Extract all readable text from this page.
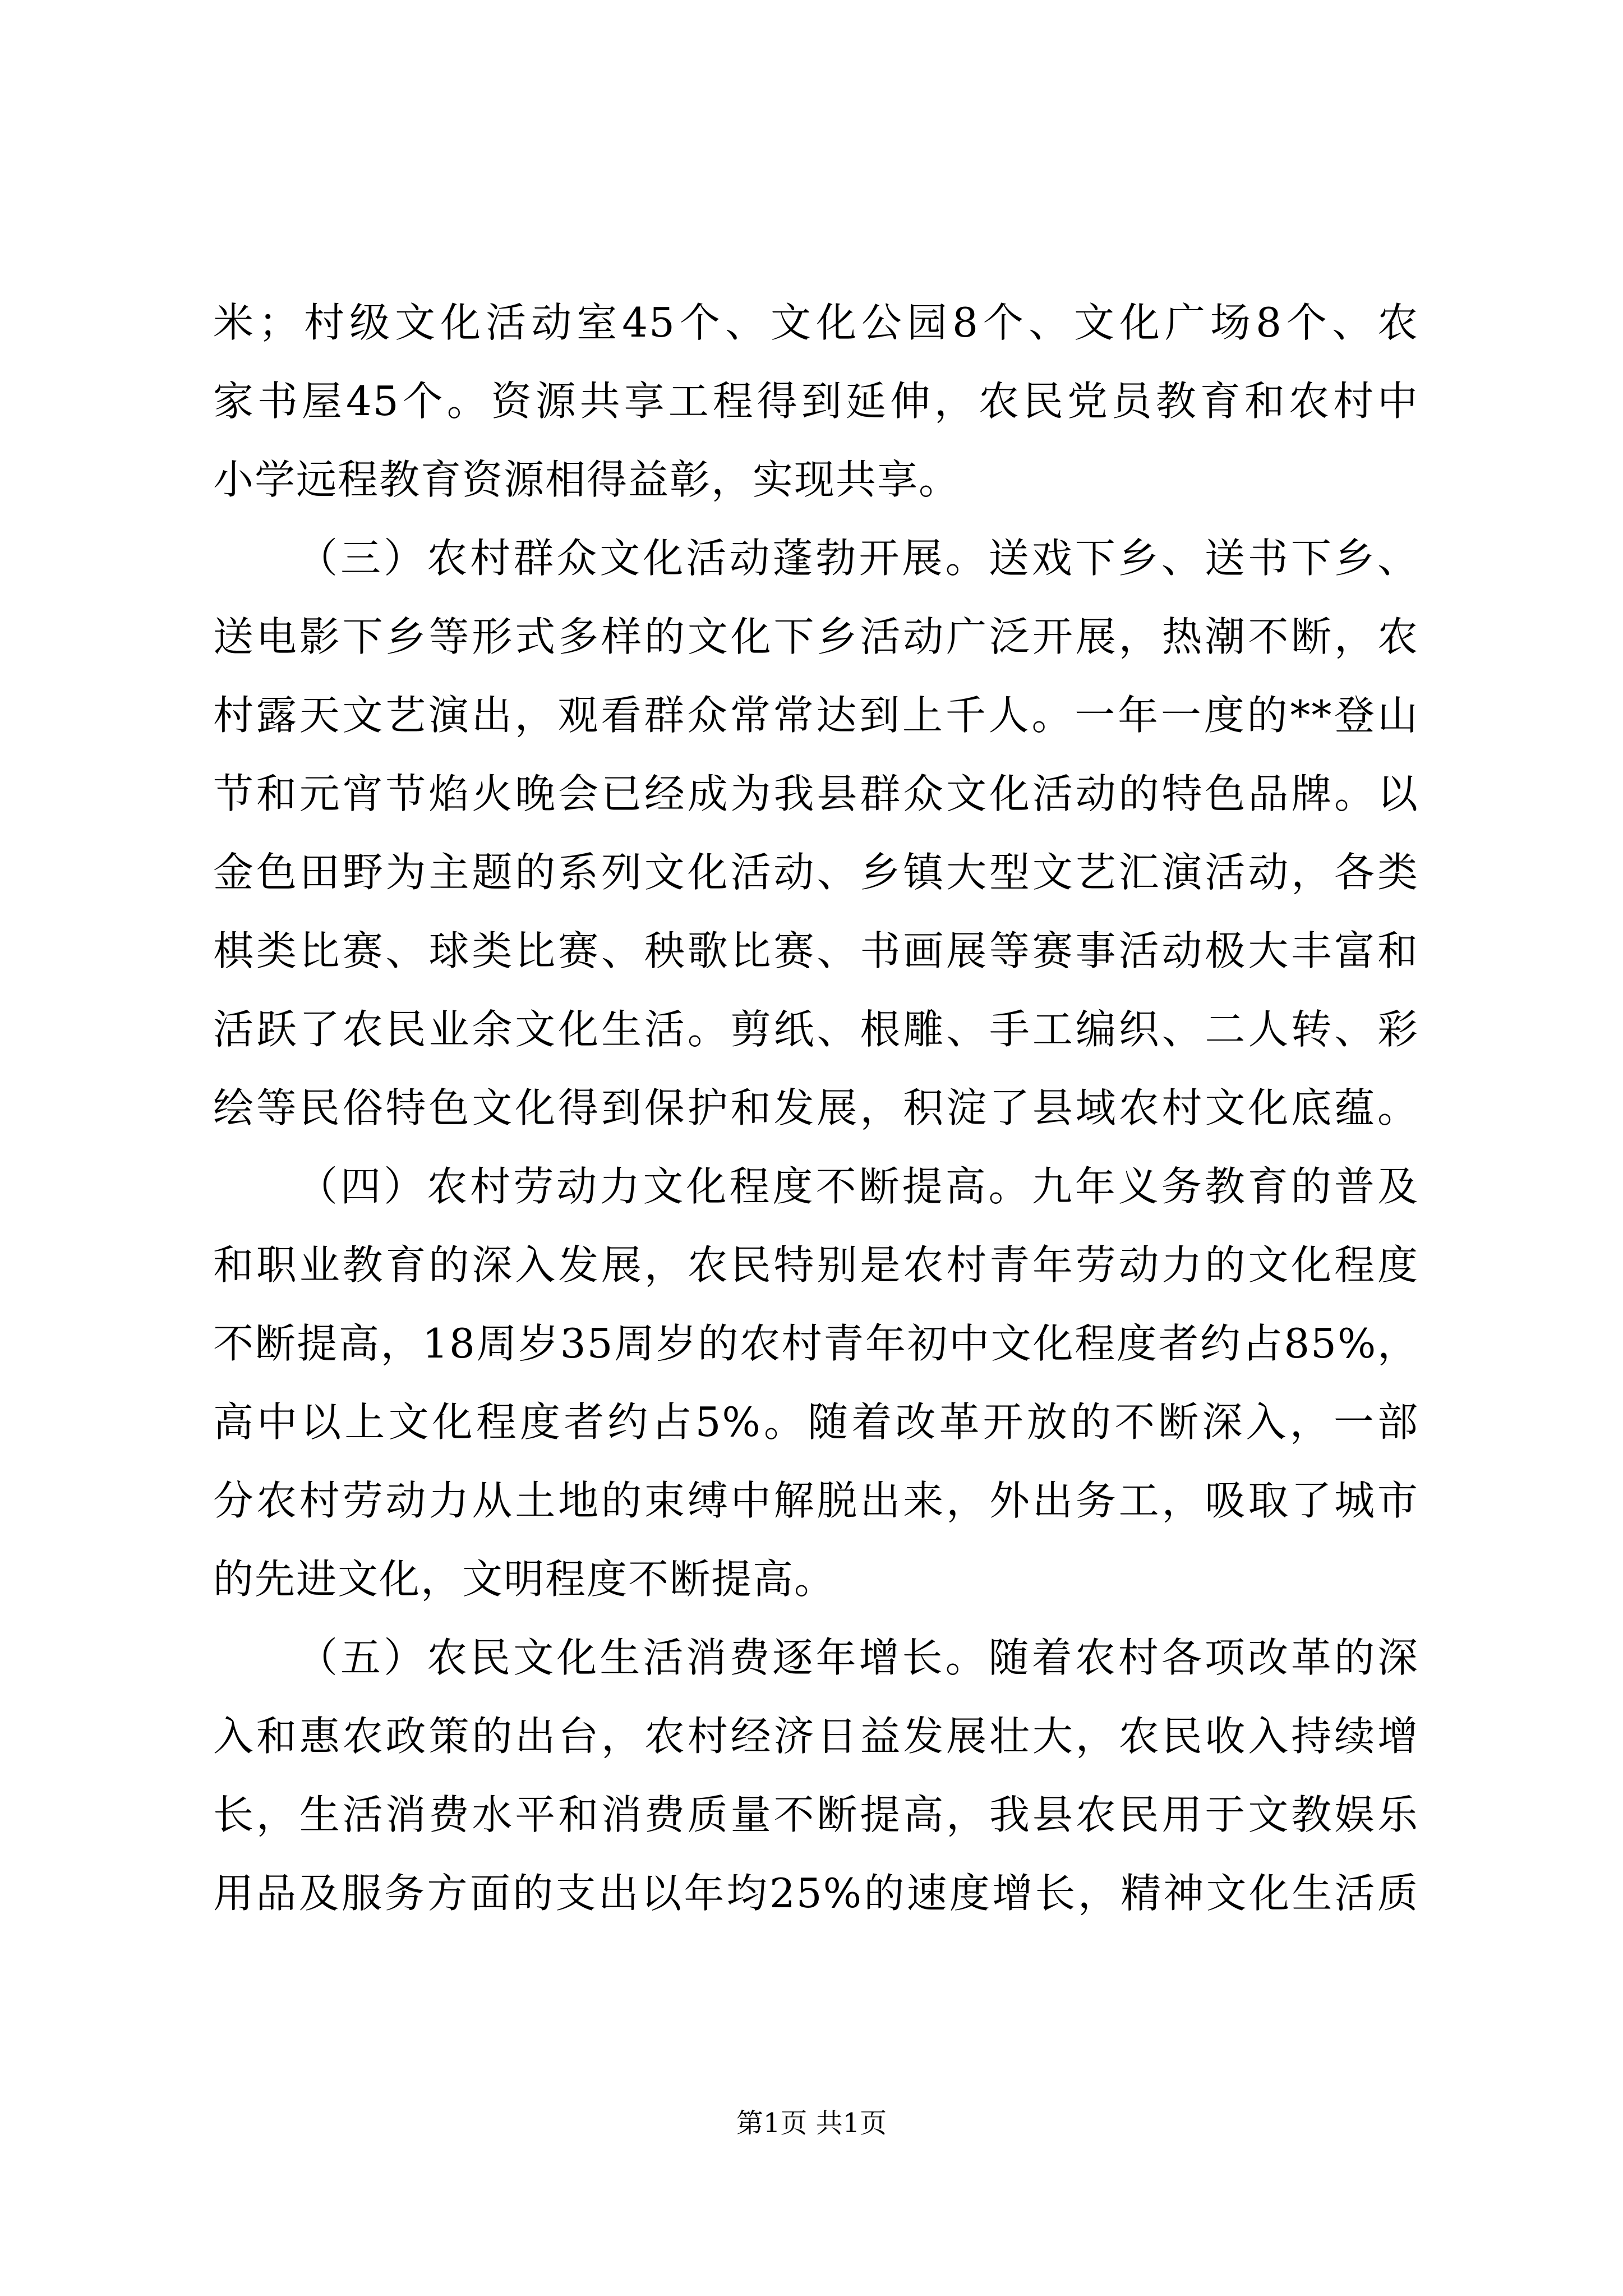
米；村级文化活动室45个、文化公园8个、文化广场8个、农
家书屋45个。资源共享工程得到延伸，农民党员教育和农村中
小学远程教育资源相得益彰，实现共享。
（三）农村群众文化活动蓬勃开展。送戏下乡、送书下乡、
送电影下乡等形式多样的文化下乡活动广泛开展，热潮不断，农
村露天文艺演出，观看群众常常达到上千人。一年一度的**登山
节和元宵节焰火晚会已经成为我县群众文化活动的特色品牌。以
金色田野为主题的系列文化活动、乡镇大型文艺汇演活动，各类
棋类比赛、球类比赛、秧歌比赛、书画展等赛事活动极大丰富和
活跃了农民业余文化生活。剪纸、根雕、手工编织、二人转、彩
绘等民俗特色文化得到保护和发展，积淀了县域农村文化底蕴。
（四）农村劳动力文化程度不断提高。九年义务教育的普及
和职业教育的深入发展，农民特别是农村青年劳动力的文化程度
不断提高，18周岁35周岁的农村青年初中文化程度者约占85%，
高中以上文化程度者约占5%。随着改革开放的不断深入，一部
分农村劳动力从土地的束缚中解脱出来，外出务工，吸取了城市
的先进文化，文明程度不断提高。
（五）农民文化生活消费逐年增长。随着农村各项改革的深
入和惠农政策的出台，农村经济日益发展壮大，农民收入持续增
长，生活消费水平和消费质量不断提高，我县农民用于文教娱乐
用品及服务方面的支出以年均25%的速度增长，精神文化生活质
第1页 共1页
